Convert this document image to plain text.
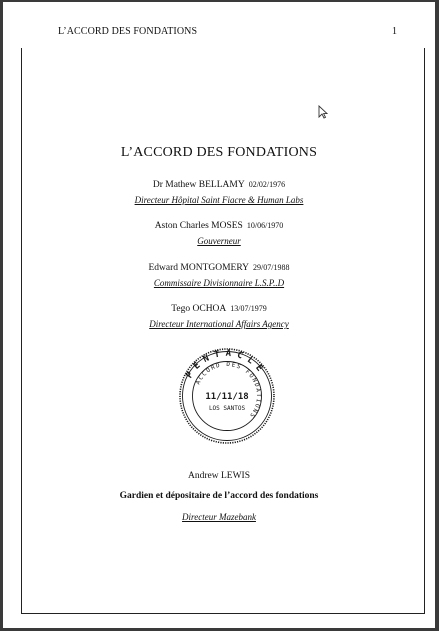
L’ACCORD DES FONDATIONS	1
L’ACCORD DES FONDATIONS
Dr Mathew BELLAMY 02/02/1976
Directeur Hôpital Saint Fiacre & Human Labs
Aston Charles MOSES 10/06/1970
Gouverneur
Edward MONTGOMERY 29/07/1988
Commissaire Divisionnaire L.S.P..D
Tego OCHOA 13/07/1979
Directeur International Affairs Agency
PENTACLE
ACCORD DES FONDATIONS
11/11/18
LOS SANTOS
Andrew LEWIS
Gardien et dépositaire de l’accord des fondations
Directeur Mazebank
